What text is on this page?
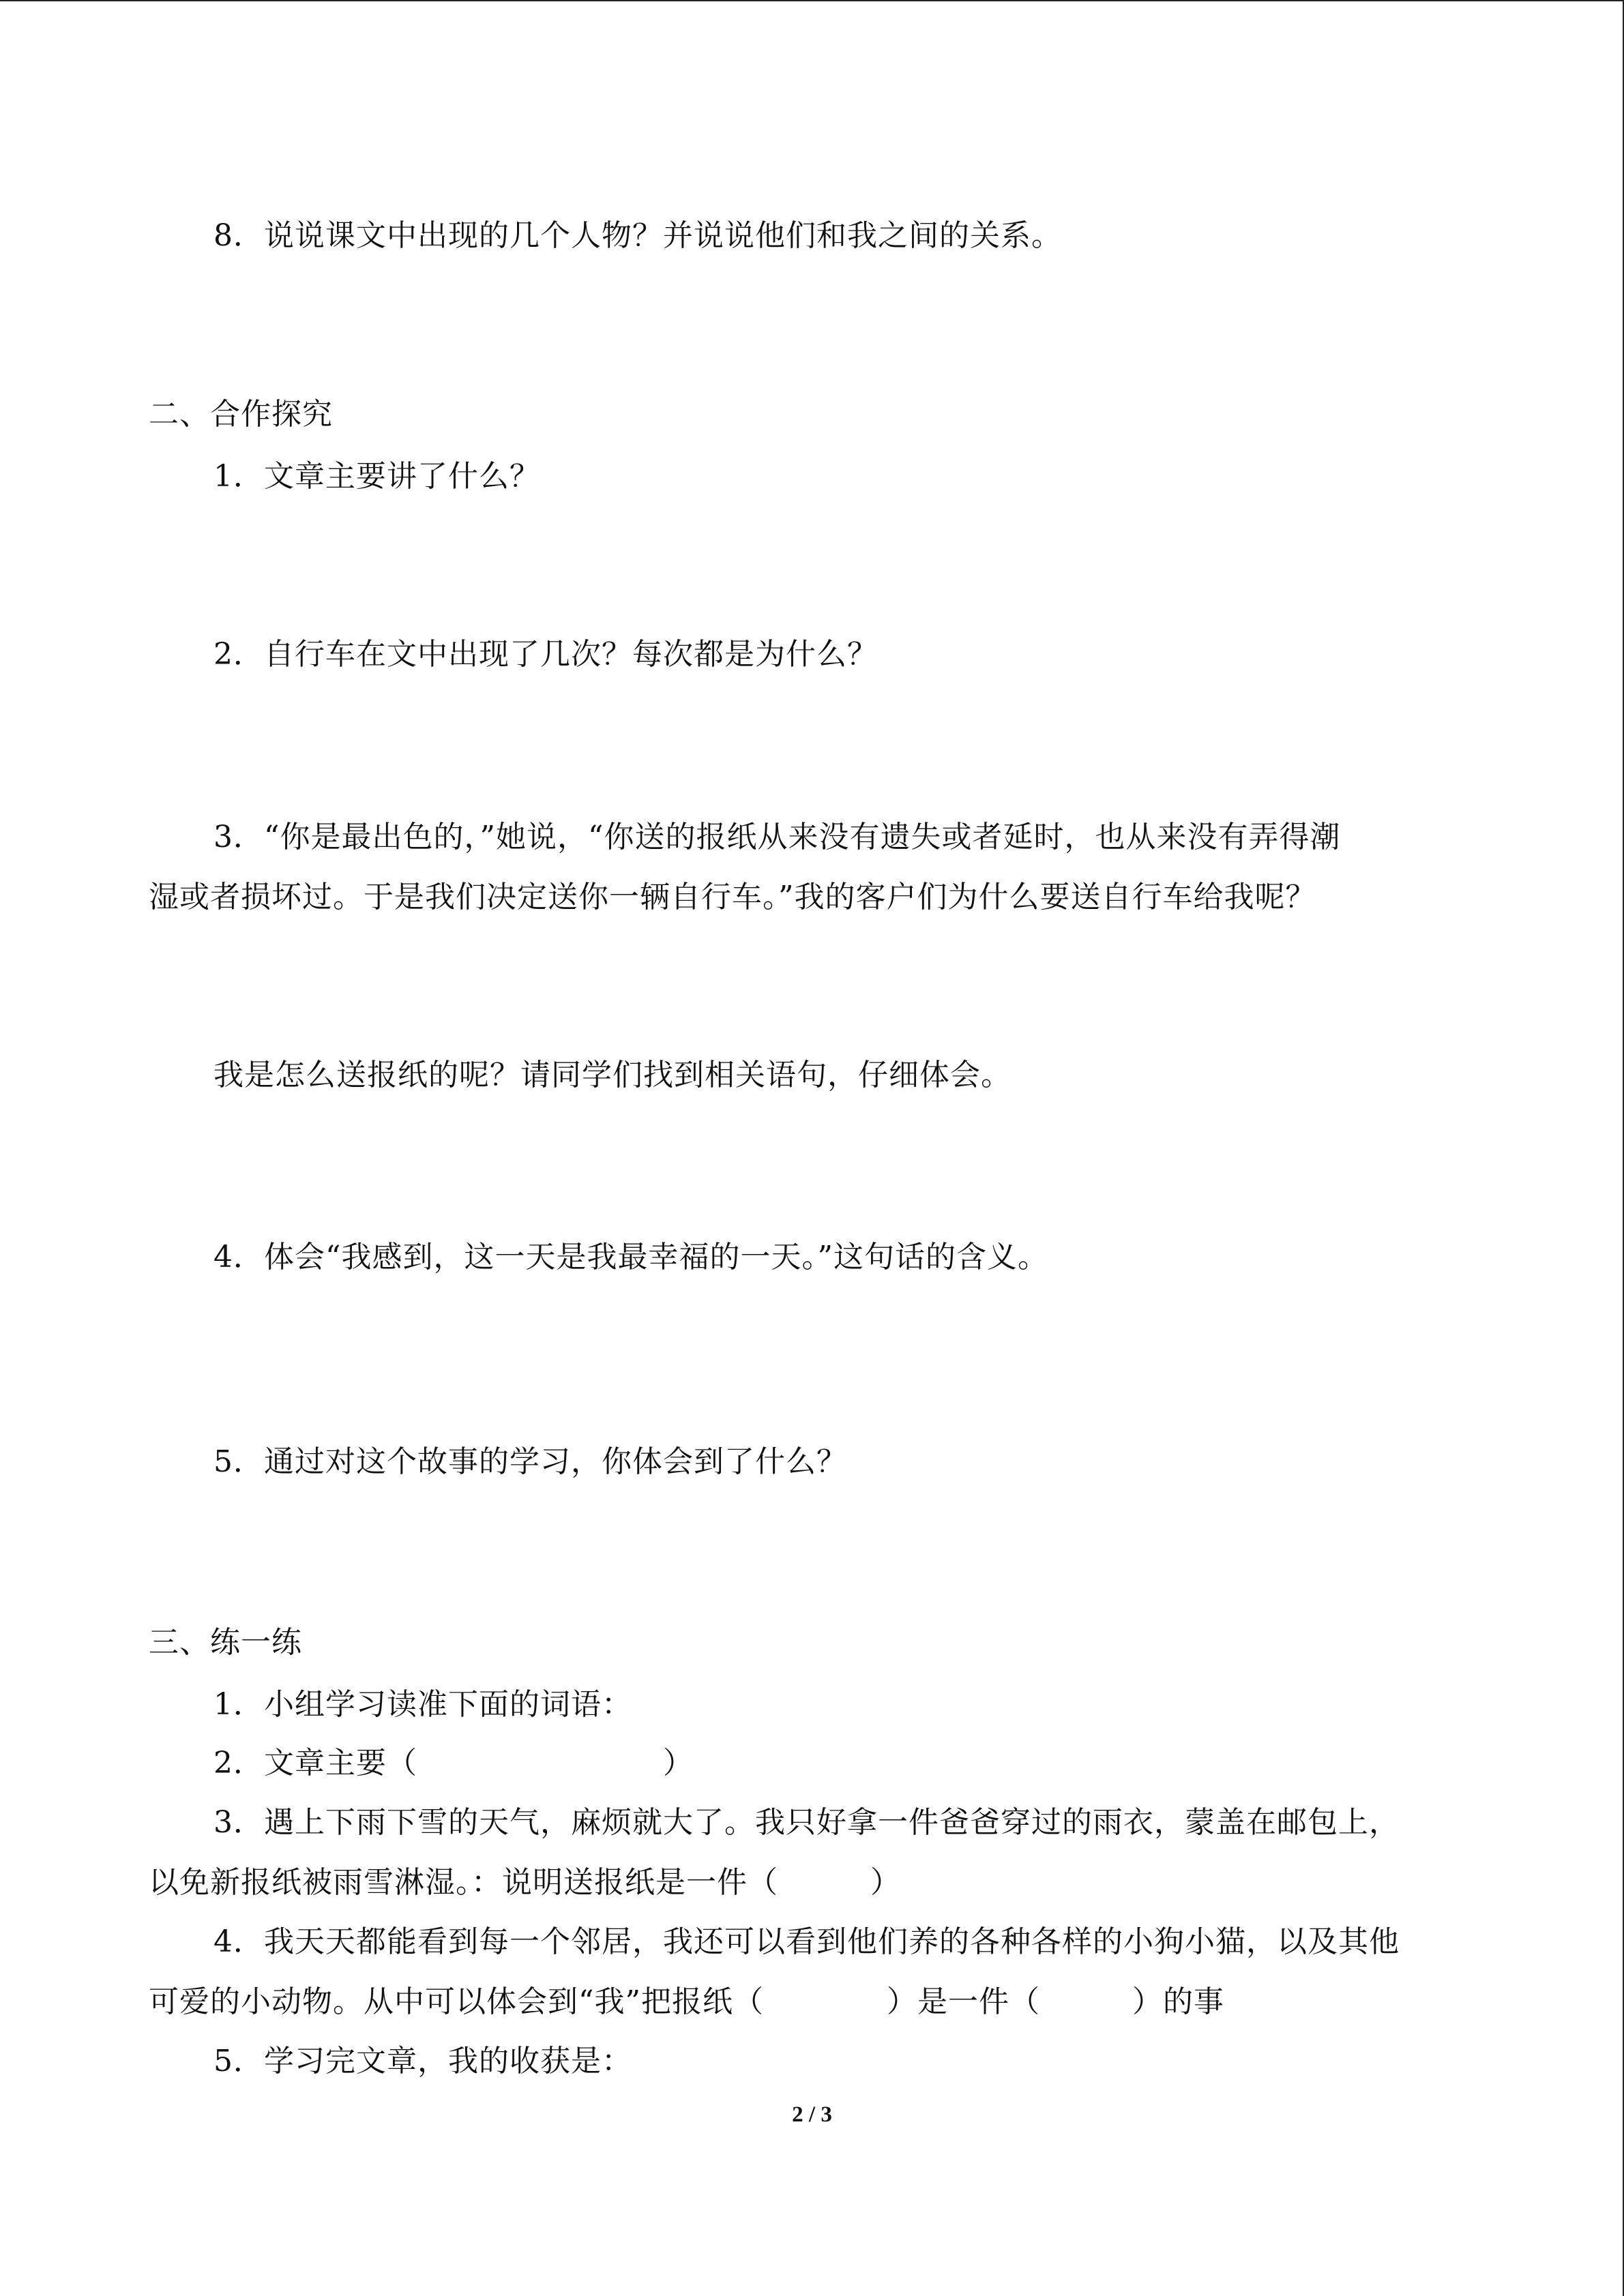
8．说说课文中出现的几个人物？并说说他们和我之间的关系。
二、合作探究
1．文章主要讲了什么？
2．自行车在文中出现了几次？每次都是为什么？
3．“你是最出色的，”她说，“你送的报纸从来没有遗失或者延时，也从来没有弄得潮
湿或者损坏过。于是我们决定送你一辆自行车。”我的客户们为什么要送自行车给我呢？
我是怎么送报纸的呢？请同学们找到相关语句，仔细体会。
4．体会“我感到，这一天是我最幸福的一天。”这句话的含义。
5．通过对这个故事的学习，你体会到了什么？
三、练一练
1．小组学习读准下面的词语：
2．文章主要（　　　　　　　　）
3．遇上下雨下雪的天气，麻烦就大了。我只好拿一件爸爸穿过的雨衣，蒙盖在邮包上，
以免新报纸被雨雪淋湿。：说明送报纸是一件（　　　）
4．我天天都能看到每一个邻居，我还可以看到他们养的各种各样的小狗小猫，以及其他
可爱的小动物。从中可以体会到“我”把报纸（　　　　）是一件（　　　）的事
5．学习完文章，我的收获是：
2 / 3
